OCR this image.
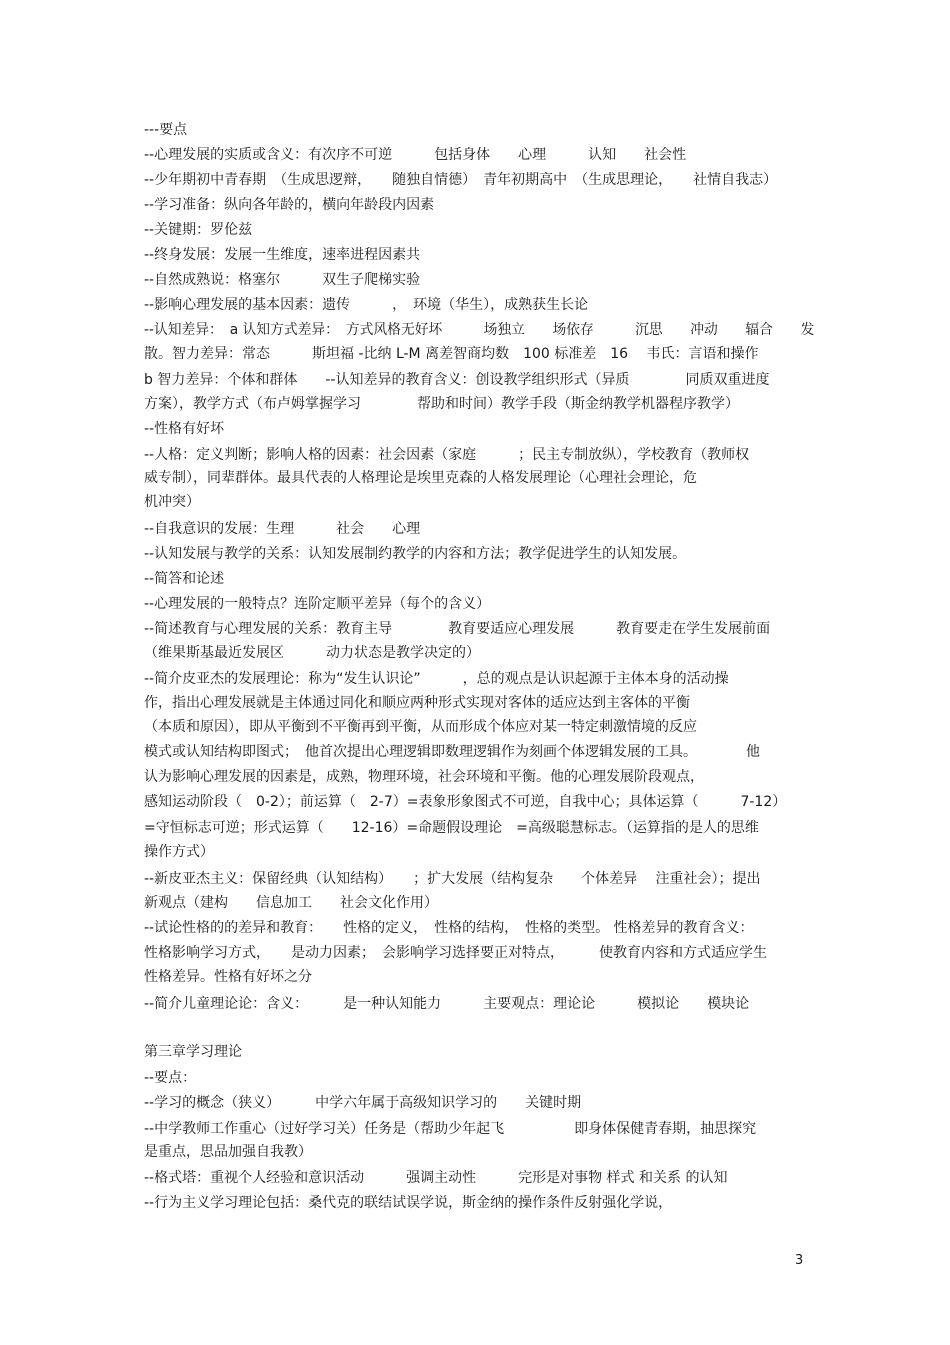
---要点
--心理发展的实质或含义：有次序不可逆　　　包括身体　　心理　　　认知　　社会性
--少年期初中青春期　（生成思逻辩，　　随独自情德）　青年初期高中　（生成思理论，　　社情自我志）
--学习准备：纵向各年龄的，横向年龄段内因素
--关键期：罗伦兹
--终身发展：发展一生维度，速率进程因素共
--自然成熟说：格塞尔　　　双生子爬梯实验
--影响心理发展的基本因素：遗传　　　，　环境（华生），成熟获生长论
--认知差异：　a 认知方式差异：　方式风格无好坏　　　场独立　　场依存　　　沉思　　冲动　　辐合　　发
散。智力差异：常态　　　斯坦福 -比纳 L-M 离差智商均数　100 标准差　16　 韦氏：言语和操作
b 智力差异：个体和群体　　--认知差异的教育含义：创设教学组织形式（异质　　　　同质双重进度
方案），教学方式（布卢姆掌握学习　　　　帮助和时间）教学手段（斯金纳教学机器程序教学）
--性格有好坏
--人格：定义判断；影响人格的因素：社会因素（家庭　　　；民主专制放纵），学校教育（教师权
威专制），同辈群体。最具代表的人格理论是埃里克森的人格发展理论（心理社会理论，危
机冲突）
--自我意识的发展：生理　　　社会　　心理
--认知发展与教学的关系：认知发展制约教学的内容和方法；教学促进学生的认知发展。
--简答和论述
--心理发展的一般特点？连阶定顺平差异（每个的含义）
--简述教育与心理发展的关系：教育主导　　　　教育要适应心理发展　　　教育要走在学生发展前面
（维果斯基最近发展区　　　动力状态是教学决定的）
--简介皮亚杰的发展理论：称为“发生认识论”　　　，总的观点是认识起源于主体本身的活动操
作，指出心理发展就是主体通过同化和顺应两种形式实现对客体的适应达到主客体的平衡
（本质和原因），即从平衡到不平衡再到平衡，从而形成个体应对某一特定刺激情境的反应
模式或认知结构即图式；　他首次提出心理逻辑即数理逻辑作为刻画个体逻辑发展的工具。　　　　他
认为影响心理发展的因素是，成熟，物理环境，社会环境和平衡。他的心理发展阶段观点，
感知运动阶段（　0-2）；前运算（　2-7）=表象形象图式不可逆，自我中心；具体运算（　　　7-12）
=守恒标志可逆；形式运算（　　12-16）=命题假设理论　=高级聪慧标志。（运算指的是人的思维
操作方式）
--新皮亚杰主义：保留经典（认知结构）　　；扩大发展（结构复杂　　个体差异　 注重社会）；提出
新观点（建构　　信息加工　　社会文化作用）
--试论性格的的差异和教育：　　性格的定义，　性格的结构，　性格的类型。 性格差异的教育含义：
性格影响学习方式，　　是动力因素；　会影响学习选择要正对特点，　　　使教育内容和方式适应学生
性格差异。性格有好坏之分
--简介儿童理论论：含义：　　　是一种认知能力　　　主要观点：理论论　　　模拟论　　模块论
第三章学习理论
--要点：
--学习的概念（狭义）　　　中学六年属于高级知识学习的　　关键时期
--中学教师工作重心（过好学习关）任务是（帮助少年起飞　　　　　即身体保健青春期，抽思探究
是重点，思品加强自我教）
--格式塔：重视个人经验和意识活动　　　强调主动性　　　完形是对事物 样式 和关系 的认知
--行为主义学习理论包括：桑代克的联结试误学说，斯金纳的操作条件反射强化学说，
3
